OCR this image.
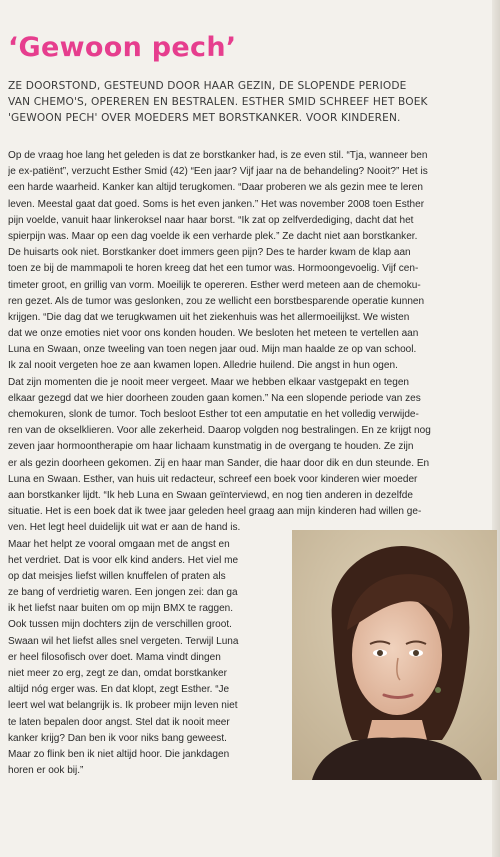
‘Gewoon pech’
ZE DOORSTOND, GESTEUND DOOR HAAR GEZIN, DE SLOPENDE PERIODE
VAN CHEMO'S, OPEREREN EN BESTRALEN. ESTHER SMID SCHREEF HET BOEK
'GEWOON PECH' OVER MOEDERS MET BORSTKANKER. VOOR KINDEREN.
Op de vraag hoe lang het geleden is dat ze borstkanker had, is ze even stil. “Tja, wanneer ben
je ex-patiënt”, verzucht Esther Smid (42) “Een jaar? Vijf jaar na de behandeling? Nooit?” Het is
een harde waarheid. Kanker kan altijd terugkomen. “Daar proberen we als gezin mee te leren
leven. Meestal gaat dat goed. Soms is het even janken.” Het was november 2008 toen Esther
pijn voelde, vanuit haar linkeroksel naar haar borst. “Ik zat op zelfverdediging, dacht dat het
spierpijn was. Maar op een dag voelde ik een verharde plek.” Ze dacht niet aan borstkanker.
De huisarts ook niet. Borstkanker doet immers geen pijn? Des te harder kwam de klap aan
toen ze bij de mammapoli te horen kreeg dat het een tumor was. Hormoongevoelig. Vijf cen-
timeter groot, en grillig van vorm. Moeilijk te opereren. Esther werd meteen aan de chemoku-
ren gezet. Als de tumor was geslonken, zou ze wellicht een borstbesparende operatie kunnen
krijgen. “Die dag dat we terugkwamen uit het ziekenhuis was het allermoeilijkst. We wisten
dat we onze emoties niet voor ons konden houden. We besloten het meteen te vertellen aan
Luna en Swaan, onze tweeling van toen negen jaar oud. Mijn man haalde ze op van school.
Ik zal nooit vergeten hoe ze aan kwamen lopen. Alledrie huilend. Die angst in hun ogen.
Dat zijn momenten die je nooit meer vergeet. Maar we hebben elkaar vastgepakt en tegen
elkaar gezegd dat we hier doorheen zouden gaan komen.” Na een slopende periode van zes
chemokuren, slonk de tumor. Toch besloot Esther tot een amputatie en het volledig verwijde-
ren van de okselklieren. Voor alle zekerheid. Daarop volgden nog bestralingen. En ze krijgt nog
zeven jaar hormoontherapie om haar lichaam kunstmatig in de overgang te houden. Ze zijn
er als gezin doorheen gekomen. Zij en haar man Sander, die haar door dik en dun steunde. En
Luna en Swaan. Esther, van huis uit redacteur, schreef een boek voor kinderen wier moeder
aan borstkanker lijdt. “Ik heb Luna en Swaan geïnterviewd, en nog tien anderen in dezelfde
situatie. Het is een boek dat ik twee jaar geleden heel graag aan mijn kinderen had willen ge-
ven. Het legt heel duidelijk uit wat er aan de hand is.
Maar het helpt ze vooral omgaan met de angst en
het verdriet. Dat is voor elk kind anders. Het viel me
op dat meisjes liefst willen knuffelen of praten als
ze bang of verdrietig waren. Een jongen zei: dan ga
ik het liefst naar buiten om op mijn BMX te raggen.
Ook tussen mijn dochters zijn de verschillen groot.
Swaan wil het liefst alles snel vergeten. Terwijl Luna
er heel filosofisch over doet. Mama vindt dingen
niet meer zo erg, zegt ze dan, omdat borstkanker
altijd nóg erger was. En dat klopt, zegt Esther. “Je
leert wel wat belangrijk is. Ik probeer mijn leven niet
te laten bepalen door angst. Stel dat ik nooit meer
kanker krijg? Dan ben ik voor niks bang geweest.
Maar zo flink ben ik niet altijd hoor. Die jankdagen
horen er ook bij.”
